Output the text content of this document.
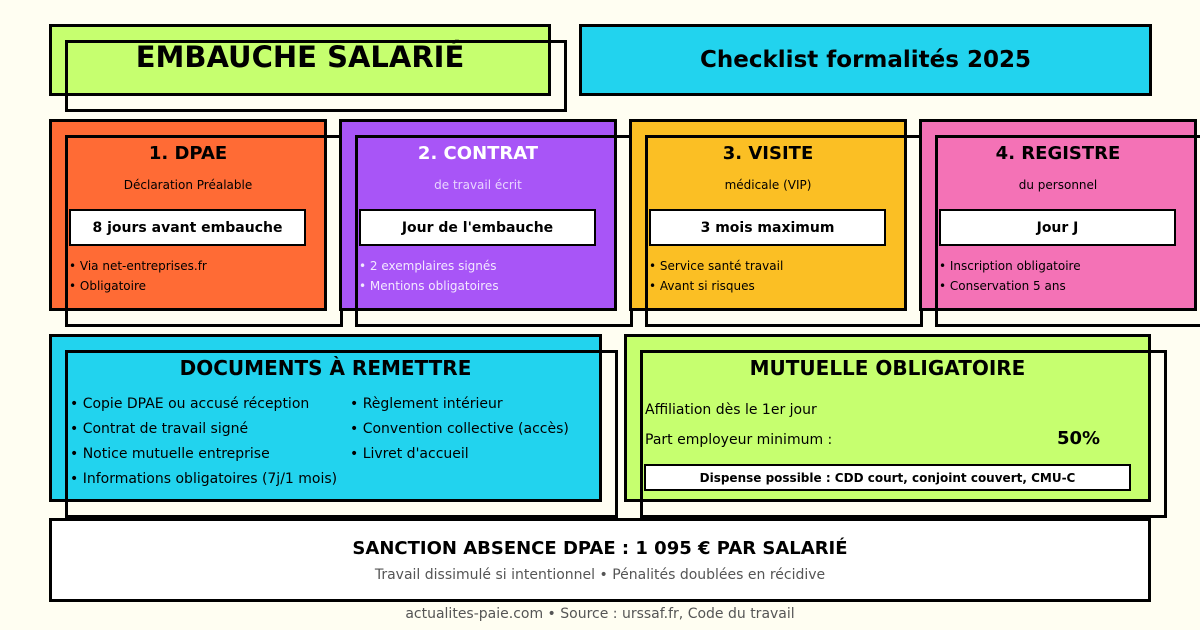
EMBAUCHE SALARIÉ	Checklist formalités 2025
1. DPAE
Déclaration Préalable
8 jours avant embauche
• Via net-entreprises.fr
• Obligatoire
2. CONTRAT
de travail écrit
Jour de l'embauche
• 2 exemplaires signés
• Mentions obligatoires
3. VISITE
médicale (VIP)
3 mois maximum
• Service santé travail
• Avant si risques
4. REGISTRE
du personnel
Jour J
• Inscription obligatoire
• Conservation 5 ans
DOCUMENTS À REMETTRE
• Copie DPAE ou accusé réception
• Contrat de travail signé
• Notice mutuelle entreprise
• Informations obligatoires (7j/1 mois)
• Règlement intérieur
• Convention collective (accès)
• Livret d'accueil
MUTUELLE OBLIGATOIRE
Affiliation dès le 1er jour
Part employeur minimum :	50%
Dispense possible : CDD court, conjoint couvert, CMU-C
SANCTION ABSENCE DPAE : 1 095 € PAR SALARIÉ
Travail dissimulé si intentionnel • Pénalités doublées en récidive
actualites-paie.com • Source : urssaf.fr, Code du travail
